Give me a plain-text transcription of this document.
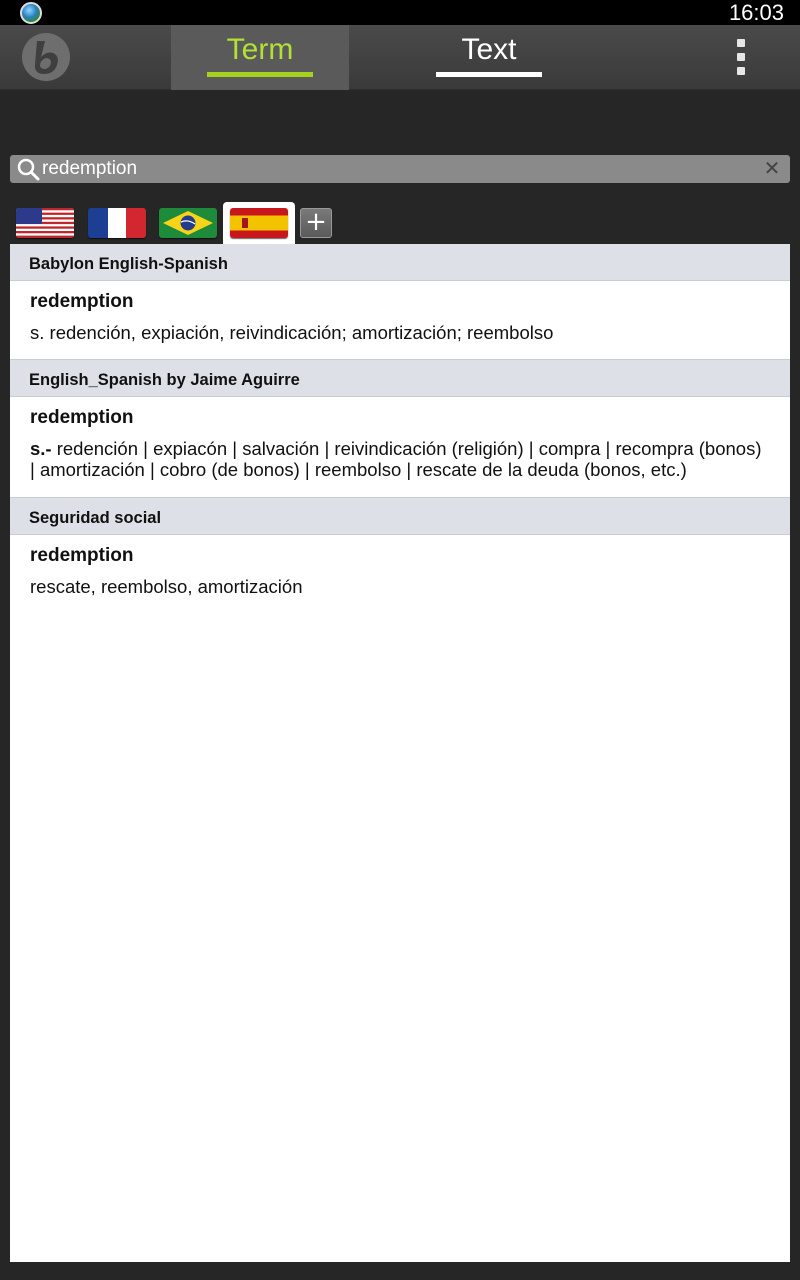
16:03
Term	Text
redemption
✕
+
Babylon English-Spanish
redemption
s. redención, expiación, reivindicación; amortización; reembolso
English_Spanish by Jaime Aguirre
redemption
s.- redención | expiacón | salvación | reivindicación (religión) | compra | recompra (bonos) | amortización | cobro (de bonos) | reembolso | rescate de la deuda (bonos, etc.)
Seguridad social
redemption
rescate, reembolso, amortización
